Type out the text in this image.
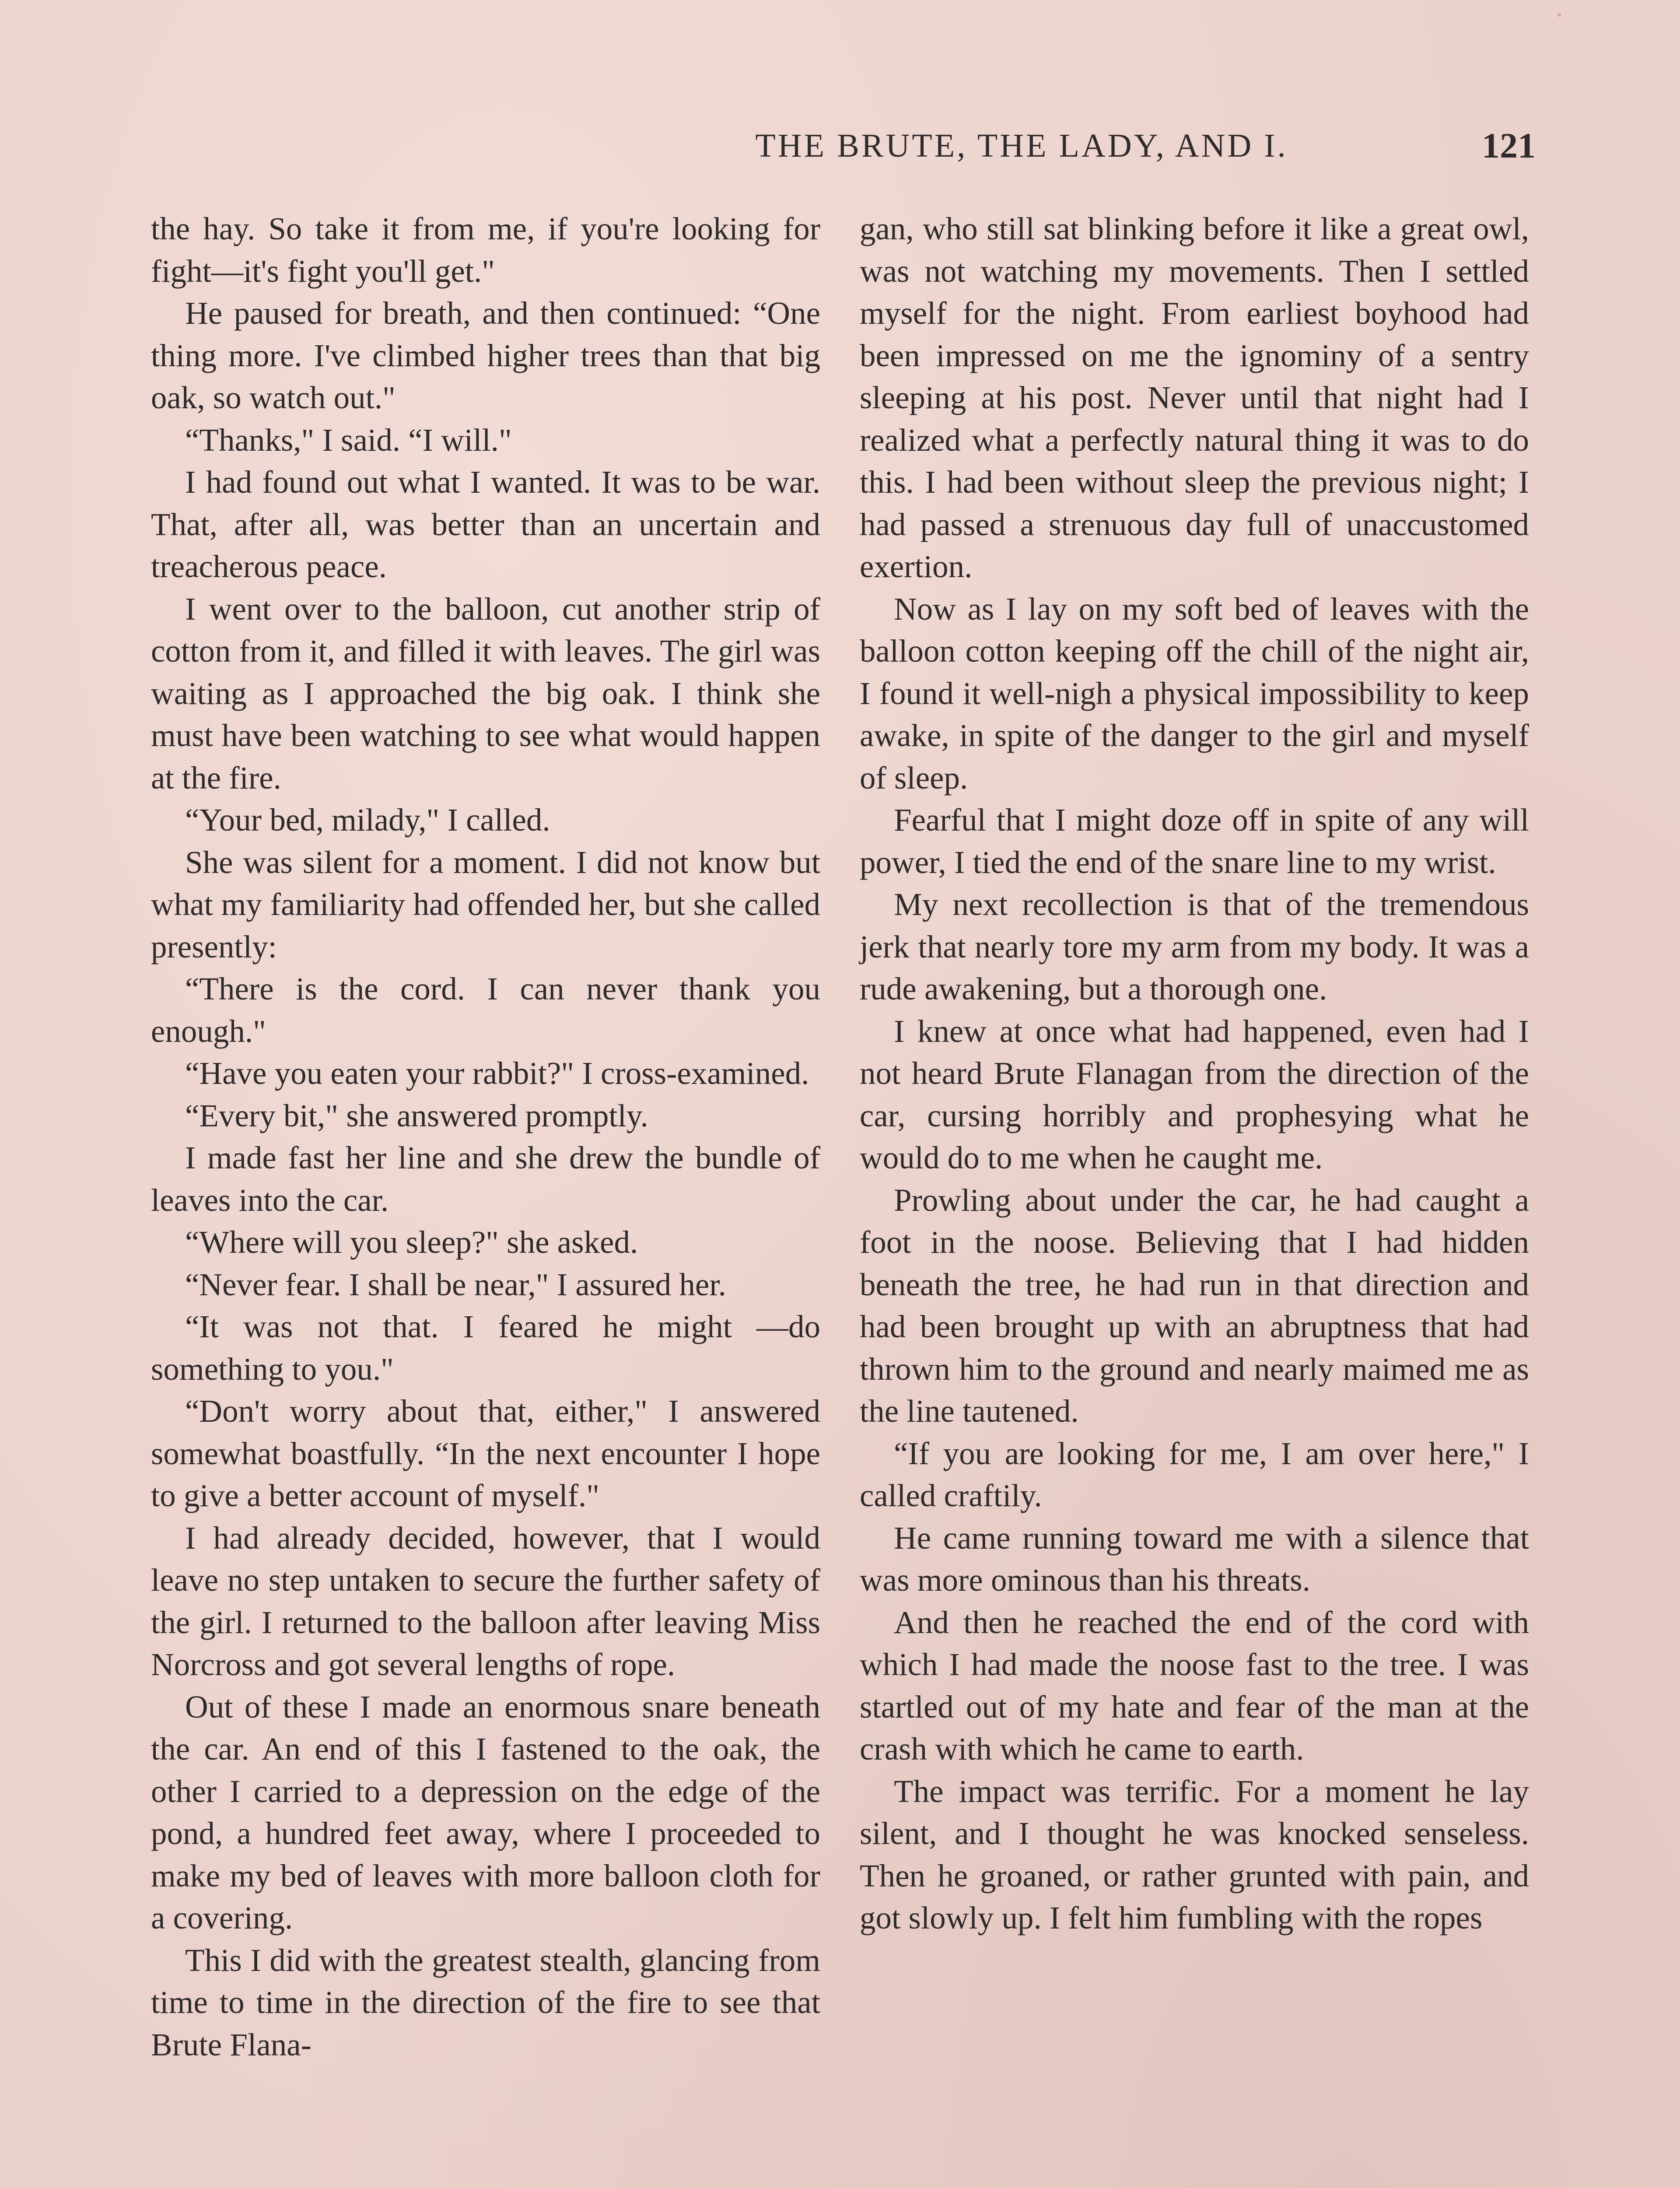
THE BRUTE, THE LADY, AND I.	121

the hay. So take it from me, if you're looking for fight—it's fight you'll get."

He paused for breath, and then continued: “One thing more. I've climbed higher trees than that big oak, so watch out."

“Thanks," I said. “I will."

I had found out what I wanted. It was to be war. That, after all, was better than an uncertain and treacherous peace.

I went over to the balloon, cut another strip of cotton from it, and filled it with leaves. The girl was waiting as I approached the big oak. I think she must have been watching to see what would happen at the fire.

“Your bed, milady," I called.

She was silent for a moment. I did not know but what my familiarity had offended her, but she called presently:

“There is the cord. I can never thank you enough."

“Have you eaten your rabbit?" I cross-examined.

“Every bit," she answered promptly.

I made fast her line and she drew the bundle of leaves into the car.

“Where will you sleep?" she asked.

“Never fear. I shall be near," I assured her.

“It was not that. I feared he might —do something to you."

“Don't worry about that, either," I answered somewhat boastfully. “In the next encounter I hope to give a better account of myself."

I had already decided, however, that I would leave no step untaken to secure the further safety of the girl. I returned to the balloon after leaving Miss Norcross and got several lengths of rope.

Out of these I made an enormous snare beneath the car. An end of this I fastened to the oak, the other I carried to a depression on the edge of the pond, a hundred feet away, where I proceeded to make my bed of leaves with more balloon cloth for a covering.

This I did with the greatest stealth, glancing from time to time in the direction of the fire to see that Brute Flana-

gan, who still sat blinking before it like a great owl, was not watching my movements. Then I settled myself for the night. From earliest boyhood had been impressed on me the ignominy of a sentry sleeping at his post. Never until that night had I realized what a perfectly natural thing it was to do this. I had been without sleep the previous night; I had passed a strenuous day full of unaccustomed exertion.

Now as I lay on my soft bed of leaves with the balloon cotton keeping off the chill of the night air, I found it well-nigh a physical impossibility to keep awake, in spite of the danger to the girl and myself of sleep.

Fearful that I might doze off in spite of any will power, I tied the end of the snare line to my wrist.

My next recollection is that of the tremendous jerk that nearly tore my arm from my body. It was a rude awakening, but a thorough one.

I knew at once what had happened, even had I not heard Brute Flanagan from the direction of the car, cursing horribly and prophesying what he would do to me when he caught me.

Prowling about under the car, he had caught a foot in the noose. Believing that I had hidden beneath the tree, he had run in that direction and had been brought up with an abruptness that had thrown him to the ground and nearly maimed me as the line tautened.

“If you are looking for me, I am over here," I called craftily.

He came running toward me with a silence that was more ominous than his threats.

And then he reached the end of the cord with which I had made the noose fast to the tree. I was startled out of my hate and fear of the man at the crash with which he came to earth.

The impact was terrific. For a moment he lay silent, and I thought he was knocked senseless. Then he groaned, or rather grunted with pain, and got slowly up. I felt him fumbling with the ropes
